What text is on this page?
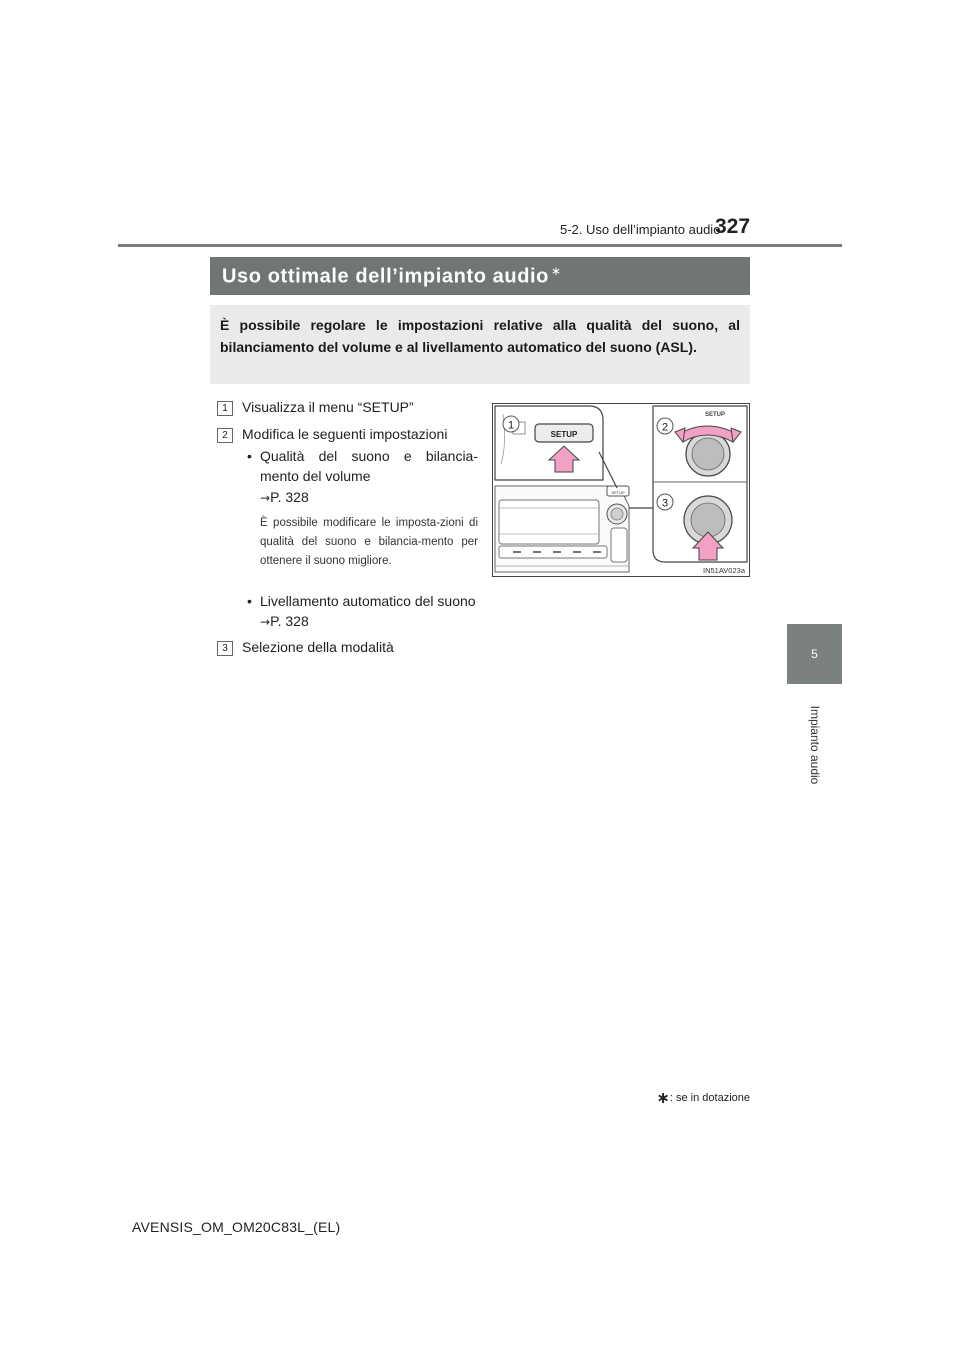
5-2. Uso dell’impianto audio
327
5
Impianto audio
Uso ottimale dell’impianto audio ∗
È possibile regolare le impostazioni relative alla qualità del suono, al bilanciamento del volume e al livellamento automatico del suono (ASL).
1	Visualizza il menu “SETUP”
2	Modifica le seguenti impostazioni
• Qualità del suono e bilancia-
mento del volume
→P. 328
È possibile modificare le imposta-zioni di qualità del suono e bilancia-mento per ottenere il suono migliore.
• Livellamento automatico del suono
→P. 328
3	Selezione della modalità
SETUP
SETUP
1
SETUP
2
3
IN51AV023a
∗: se in dotazione
AVENSIS_OM_OM20C83L_(EL)
